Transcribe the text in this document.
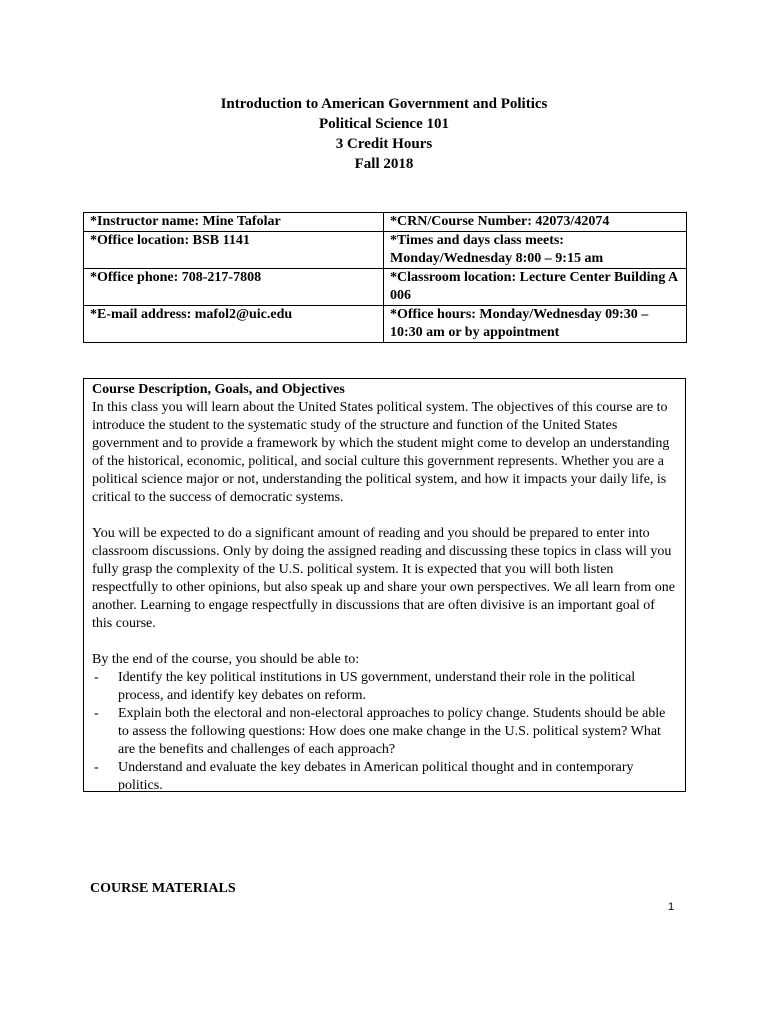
Introduction to American Government and Politics
Political Science 101
3 Credit Hours
Fall 2018
*Instructor name: Mine Tafolar	*CRN/Course Number: 42073/42074
*Office location: BSB 1141	*Times and days class meets: Monday/Wednesday 8:00 – 9:15 am
*Office phone: 708-217-7808	*Classroom location: Lecture Center Building A 006
*E-mail address: mafol2@uic.edu	*Office hours: Monday/Wednesday 09:30 – 10:30 am or by appointment
Course Description, Goals, and Objectives

In this class you will learn about the United States political system. The objectives of this course are to introduce the student to the systematic study of the structure and function of the United States government and to provide a framework by which the student might come to develop an understanding of the historical, economic, political, and social culture this government represents. Whether you are a political science major or not, understanding the political system, and how it impacts your daily life, is critical to the success of democratic systems.

You will be expected to do a significant amount of reading and you should be prepared to enter into classroom discussions. Only by doing the assigned reading and discussing these topics in class will you fully grasp the complexity of the U.S. political system. It is expected that you will both listen respectfully to other opinions, but also speak up and share your own perspectives. We all learn from one another. Learning to engage respectfully in discussions that are often divisive is an important goal of this course.

By the end of the course, you should be able to:

- Identify the key political institutions in US government, understand their role in the political process, and identify key debates on reform.
- Explain both the electoral and non-electoral approaches to policy change. Students should be able to assess the following questions: How does one make change in the U.S. political system? What are the benefits and challenges of each approach?
- Understand and evaluate the key debates in American political thought and in contemporary politics.
COURSE MATERIALS
1
